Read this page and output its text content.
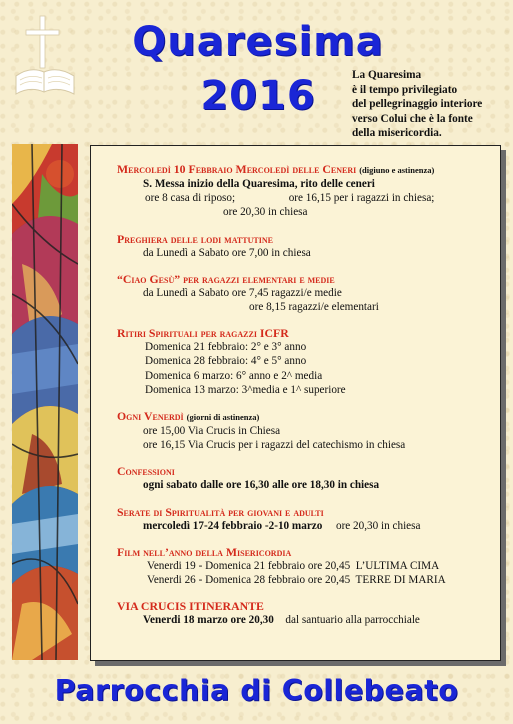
Quaresima
2016	La Quaresima
è il tempo privilegiato
del pellegrinaggio interiore
verso Colui che è la fonte
della misericordia.
Mercoledì 10 Febbraio Mercoledì delle Ceneri (digiuno e astinenza)
S. Messa inizio della Quaresima, rito delle ceneri
ore 8 casa di riposo;	ore 16,15 per i ragazzi in chiesa;
ore 20,30 in chiesa
Preghiera delle lodi mattutine
da Lunedì a Sabato ore 7,00 in chiesa
“Ciao Gesù” per ragazzi elementari e medie
da Lunedì a Sabato ore 7,45 ragazzi/e medie
ore 8,15 ragazzi/e elementari
Ritiri Spirituali per ragazzi ICFR
Domenica 21 febbraio: 2° e 3° anno
Domenica 28 febbraio: 4° e 5° anno
Domenica 6 marzo: 6° anno e 2^ media
Domenica 13 marzo: 3^media e 1^ superiore
Ogni Venerdì (giorni di astinenza)
ore 15,00 Via Crucis in Chiesa
ore 16,15 Via Crucis per i ragazzi del catechismo in chiesa
Confessioni
ogni sabato dalle ore 16,30 alle ore 18,30 in chiesa
Serate di Spiritualità per giovani e adulti
mercoledì 17-24 febbraio -2-10 marzo ore 20,30 in chiesa
Film nell’anno della Misericordia
Venerdi 19 - Domenica 21 febbraio ore 20,45  L’ULTIMA CIMA
Venerdi 26 - Domenica 28 febbraio ore 20,45  TERRE DI MARIA
VIA CRUCIS ITINERANTE
Venerdi 18 marzo ore 20,30 dal santuario alla parrocchiale
Parrocchia di Collebeato
